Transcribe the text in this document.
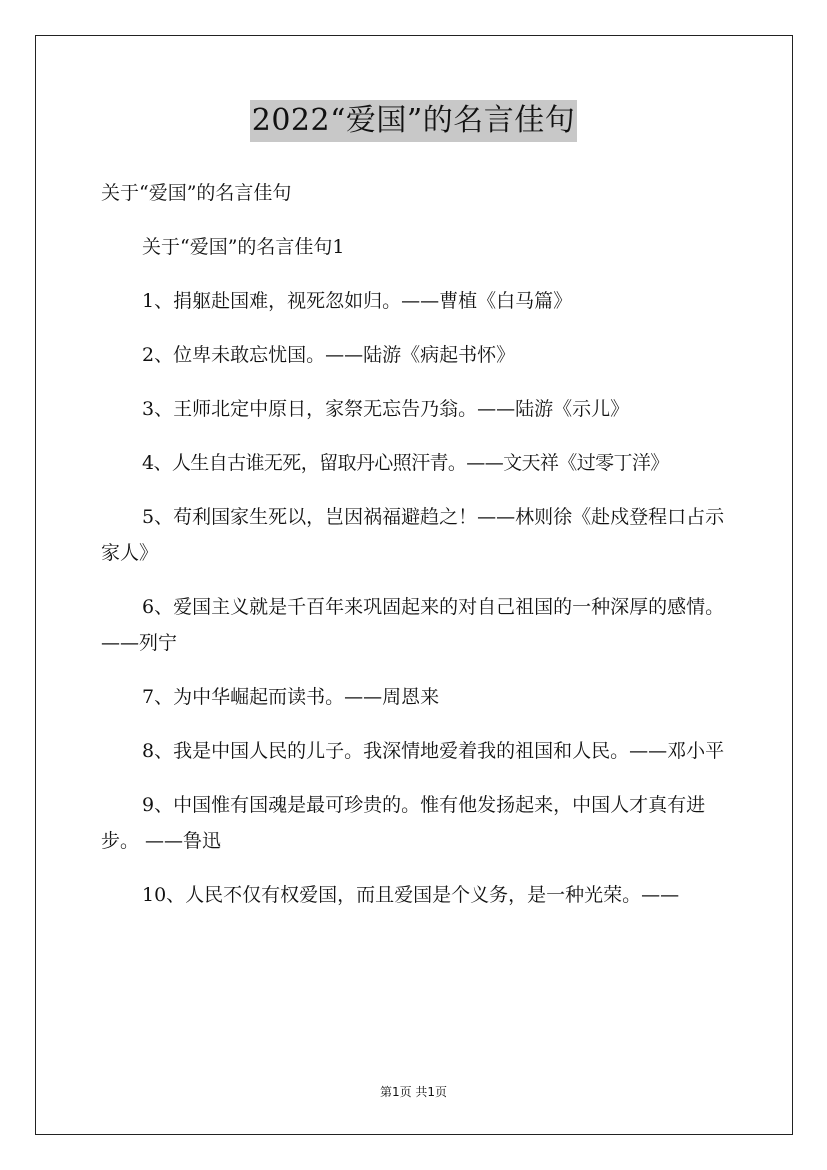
2022“爱国”的名言佳句

关于“爱国”的名言佳句

关于“爱国”的名言佳句1

1、捐躯赴国难，视死忽如归。——曹植《白马篇》

2、位卑未敢忘忧国。——陆游《病起书怀》

3、王师北定中原日，家祭无忘告乃翁。——陆游《示儿》

4、人生自古谁无死，留取丹心照汗青。——文天祥《过零丁洋》

5、苟利国家生死以，岂因祸福避趋之！——林则徐《赴戍登程口占示家人》

6、爱国主义就是千百年来巩固起来的对自己祖国的一种深厚的感情。 ——列宁

7、为中华崛起而读书。——周恩来

8、我是中国人民的儿子。我深情地爱着我的祖国和人民。——邓小平

9、中国惟有国魂是最可珍贵的。惟有他发扬起来，中国人才真有进步。 ——鲁迅

10、人民不仅有权爱国，而且爱国是个义务，是一种光荣。——

第1页 共1页
